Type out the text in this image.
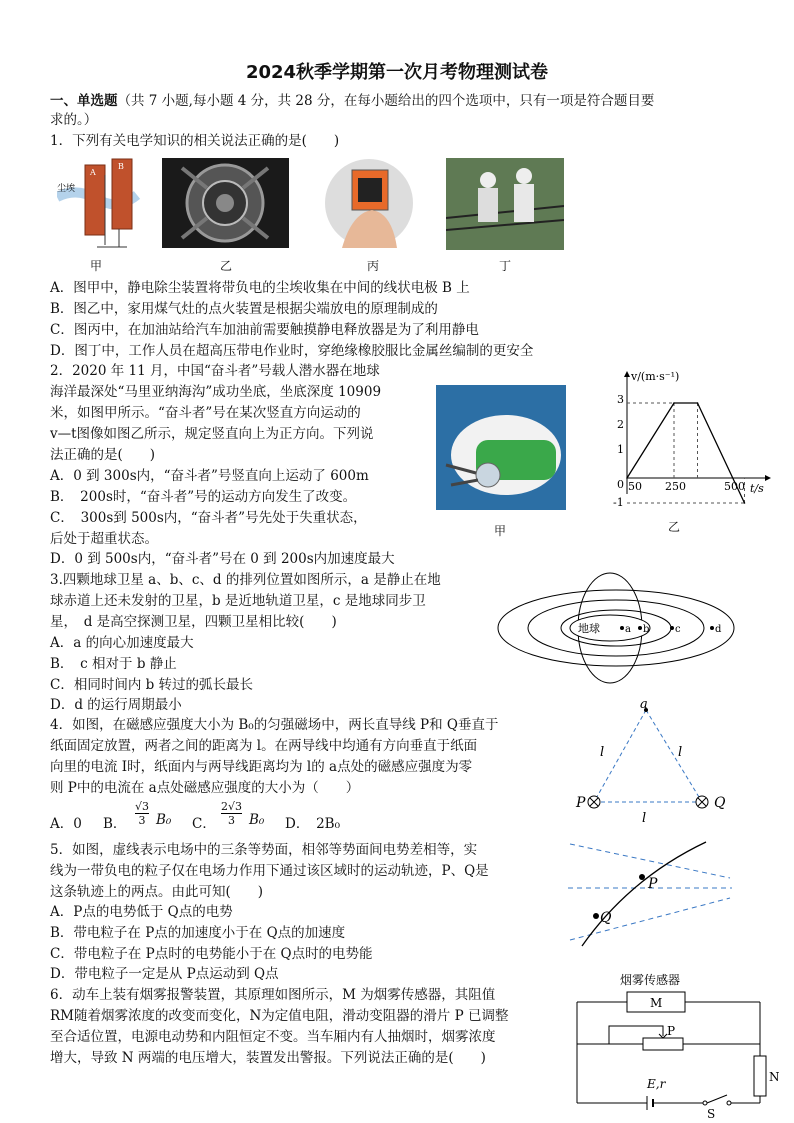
2024秋季学期第一次月考物理测试卷
一、单选题（共 7 小题,每小题 4 分，共 28 分，在每小题给出的四个选项中，只有一项是符合题目要
求的。）
1．下列有关电学知识的相关说法正确的是(　　)
尘埃
A
B
甲	乙	丙	丁
A．图甲中，静电除尘装置将带负电的尘埃收集在中间的线状电极 B 上
B．图乙中，家用煤气灶的点火装置是根据尖端放电的原理制成的
C．图丙中，在加油站给汽车加油前需要触摸静电释放器是为了利用静电
D．图丁中，工作人员在超高压带电作业时，穿绝缘橡胶服比金属丝编制的更安全
2．2020 年 11 月，中国“奋斗者”号载人潜水器在地球
海洋最深处“马里亚纳海沟”成功坐底，坐底深度 10909
米，如图甲所示。“奋斗者”号在某次竖直方向运动的
v—t图像如图乙所示，规定竖直向上为正方向。下列说
法正确的是(　　)
A．0 到 300s内，“奋斗者”号竖直向上运动了 600m
B．　200s时，“奋斗者”号的运动方向发生了改变。
C．　300s到 500s内，“奋斗者”号先处于失重状态，
后处于超重状态。
D．0 到 500s内，“奋斗者”号在 0 到 200s内加速度最大
甲
v/(m·s⁻¹)
t/s
3
2
1
0
-1
50 250	500
乙
3.四颗地球卫星 a、b、c、d 的排列位置如图所示，a 是静止在地
球赤道上还未发射的卫星，b 是近地轨道卫星，c 是地球同步卫
星，　d 是高空探测卫星，四颗卫星相比较(　　)
A．a 的向心加速度最大
B．　c 相对于 b 静止
C．相同时间内 b 转过的弧长最长
D．d 的运行周期最小
地球	a b	c	d
4．如图，在磁感应强度大小为 B₀的匀强磁场中，两长直导线 P和 Q垂直于
纸面固定放置，两者之间的距离为 l。在两导线中均通有方向垂直于纸面
向里的电流 I时，纸面内与两导线距离均为 l的 a点处的磁感应强度为零
则 P中的电流在 a点处磁感应强度的大小为（　　）
A．0 B． $\frac{√3}{3} B_0$ C． $\frac{2√3}{3} B_0$ D．　2B₀
a
P	Q
l	l
l
5．如图，虚线表示电场中的三条等势面，相邻等势面间电势差相等，实
线为一带负电的粒子仅在电场力作用下通过该区域时的运动轨迹，P、Q是
这条轨迹上的两点。由此可知(　　)
A．P点的电势低于 Q点的电势
B．带电粒子在 P点的加速度小于在 Q点的加速度
C．带电粒子在 P点时的电势能小于在 Q点时的电势能
D．带电粒子一定是从 P点运动到 Q点
P
Q
6．动车上装有烟雾报警装置，其原理如图所示，M 为烟雾传感器，其阻值
RM随着烟雾浓度的改变而变化，N为定值电阻，滑动变阻器的滑片 P 已调整
至合适位置，电源电动势和内阻恒定不变。当车厢内有人抽烟时，烟雾浓度
增大，导致 N 两端的电压增大，装置发出警报。下列说法正确的是(　　)
烟雾传感器
M
P
N
E,r
S
